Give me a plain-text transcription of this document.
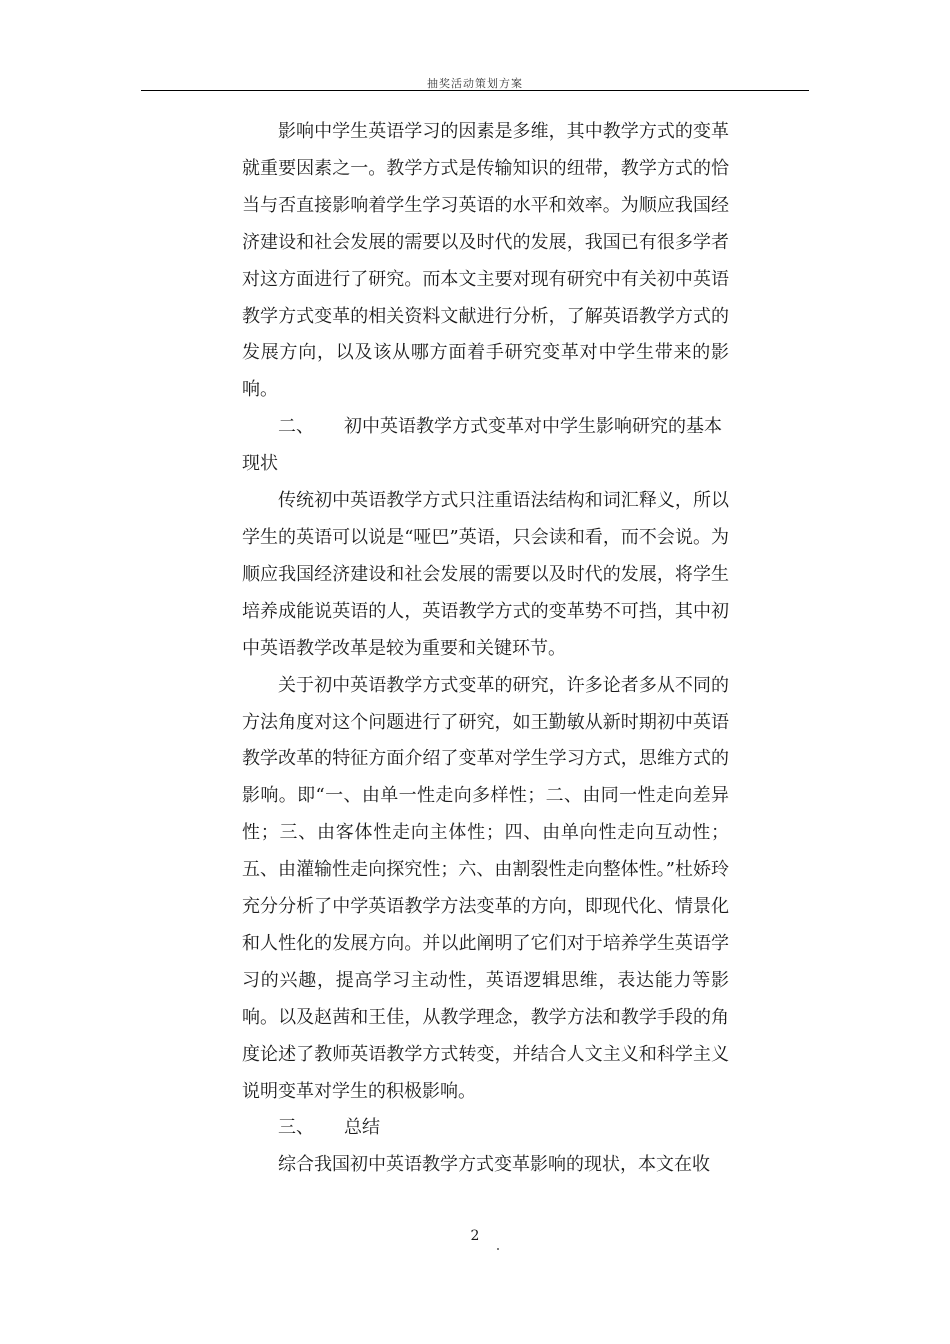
抽奖活动策划方案

影响中学生英语学习的因素是多维，其中教学方式的变革就重要因素之一。教学方式是传输知识的纽带，教学方式的恰当与否直接影响着学生学习英语的水平和效率。为顺应我国经济建设和社会发展的需要以及时代的发展，我国已有很多学者对这方面进行了研究。而本文主要对现有研究中有关初中英语教学方式变革的相关资料文献进行分析，了解英语教学方式的发展方向，以及该从哪方面着手研究变革对中学生带来的影响。

二、 初中英语教学方式变革对中学生影响研究的基本现状

传统初中英语教学方式只注重语法结构和词汇释义，所以学生的英语可以说是“哑巴”英语，只会读和看，而不会说。为顺应我国经济建设和社会发展的需要以及时代的发展，将学生培养成能说英语的人，英语教学方式的变革势不可挡，其中初中英语教学改革是较为重要和关键环节。

关于初中英语教学方式变革的研究，许多论者多从不同的方法角度对这个问题进行了研究，如王勤敏从新时期初中英语教学改革的特征方面介绍了变革对学生学习方式，思维方式的影响。即“一、由单一性走向多样性；二、由同一性走向差异性；三、由客体性走向主体性；四、由单向性走向互动性；五、由灌输性走向探究性；六、由割裂性走向整体性。”杜娇玲充分分析了中学英语教学方法变革的方向，即现代化、情景化和人性化的发展方向。并以此阐明了它们对于培养学生英语学习的兴趣，提高学习主动性，英语逻辑思维，表达能力等影响。以及赵茜和王佳，从教学理念，教学方法和教学手段的角度论述了教师英语教学方式转变，并结合人文主义和科学主义说明变革对学生的积极影响。

三、 总结

综合我国初中英语教学方式变革影响的现状，本文在收

2
